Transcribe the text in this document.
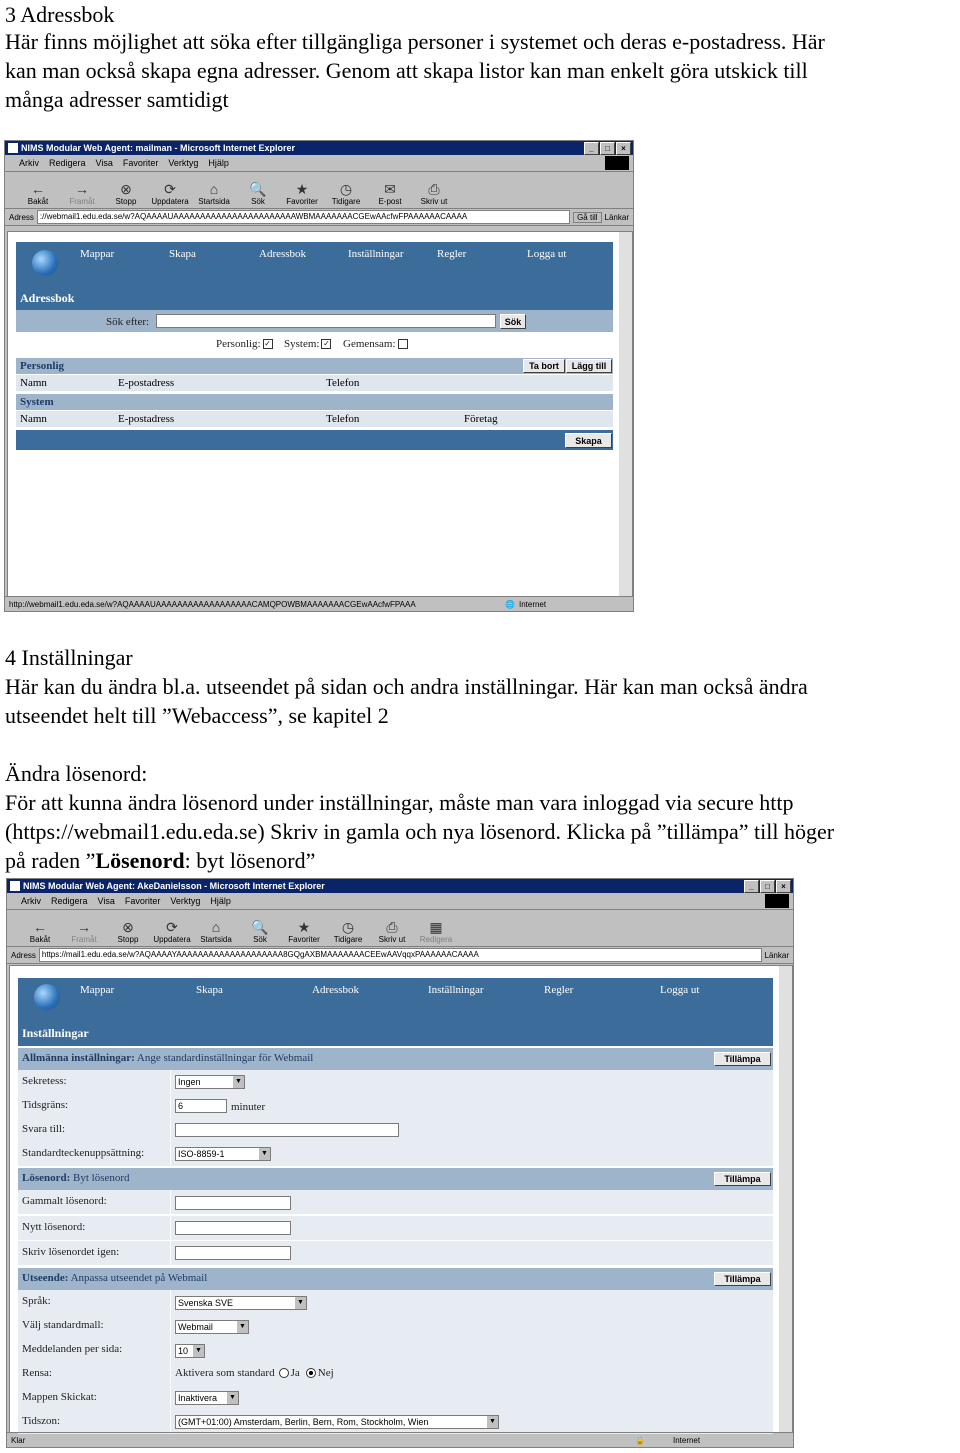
3 Adressbok

Här finns möjlighet att söka efter tillgängliga personer i systemet och deras e-postadress. Här

kan man också skapa egna adresser. Genom att skapa listor kan man enkelt göra utskick till

många adresser samtidigt

NIMS Modular Web Agent: mailman - Microsoft Internet Explorer	_	□	×
Arkiv Redigera Visa Favoriter Verktyg Hjälp
←
Bakåt
→
Framåt
⊗
Stopp
⟳
Uppdatera
⌂
Startsida
🔍
Sök
★
Favoriter
◷
Tidigare
✉
E-post
⎙
Skriv ut
Adress ://webmail1.edu.eda.se/w?AQAAAAUAAAAAAAAAAAAAAAAAAAAAAAWBMAAAAAAACGEwAAcfwFPAAAAAACAAAA	Gå till Länkar
Mappar	Skapa	Adressbok	Inställningar	Regler	Logga ut
Adressbok
Sök efter:	Sök
Personlig: ✓ System: ✓ Gemensam:
Personlig	Ta bort	Lägg till
Namn	E-postadress	Telefon
System
Namn	E-postadress	Telefon	Företag
Skapa
http://webmail1.edu.eda.se/w?AQAAAAUAAAAAAAAAAAAAAAAAACAMQPOWBMAAAAAAACGEwAAcfwFPAAA	🌐 Internet

4 Inställningar

Här kan du ändra bl.a. utseendet på sidan och andra inställningar. Här kan man också ändra

utseendet helt till ”Webaccess”, se kapitel 2

Ändra lösenord:

För att kunna ändra lösenord under inställningar, måste man vara inloggad via secure http

(https://webmail1.edu.eda.se) Skriv in gamla och nya lösenord. Klicka på ”tillämpa” till höger

på raden ”Lösenord: byt lösenord”

NIMS Modular Web Agent: AkeDanielsson - Microsoft Internet Explorer	_	□	×
Arkiv Redigera Visa Favoriter Verktyg Hjälp
←
Bakåt
→
Framåt
⊗
Stopp
⟳
Uppdatera
⌂
Startsida
🔍
Sök
★
Favoriter
◷
Tidigare
⎙
Skriv ut
▦
Redigera
Adress https://mail1.edu.eda.se/w?AQAAAAYAAAAAAAAAAAAAAAAAAAA8GQgAXBMAAAAAAACEEwAAVqqxPAAAAAACAAAA	Länkar
Mappar	Skapa	Adressbok	Inställningar	Regler	Logga ut
Inställningar
Allmänna inställningar: Ange standardinställningar för Webmail	Tillämpa
Sekretess:	Ingen	▼
Tidsgräns:	6	minuter
Svara till:
Standardteckenuppsättning:	ISO-8859-1	▼
Lösenord: Byt lösenord	Tillämpa
Gammalt lösenord:
Nytt lösenord:
Skriv lösenordet igen:
Utseende: Anpassa utseendet på Webmail	Tillämpa
Språk:	Svenska SVE	▼
Välj standardmall:	Webmail	▼
Meddelanden per sida:	10 ▼
Rensa:	Aktivera som standard Ja Nej
Mappen Skickat:	Inaktivera ▼
Tidszon:	(GMT+01:00) Amsterdam, Berlin, Bern, Rom, Stockholm, Wien	▼
Klar	🔒	Internet
